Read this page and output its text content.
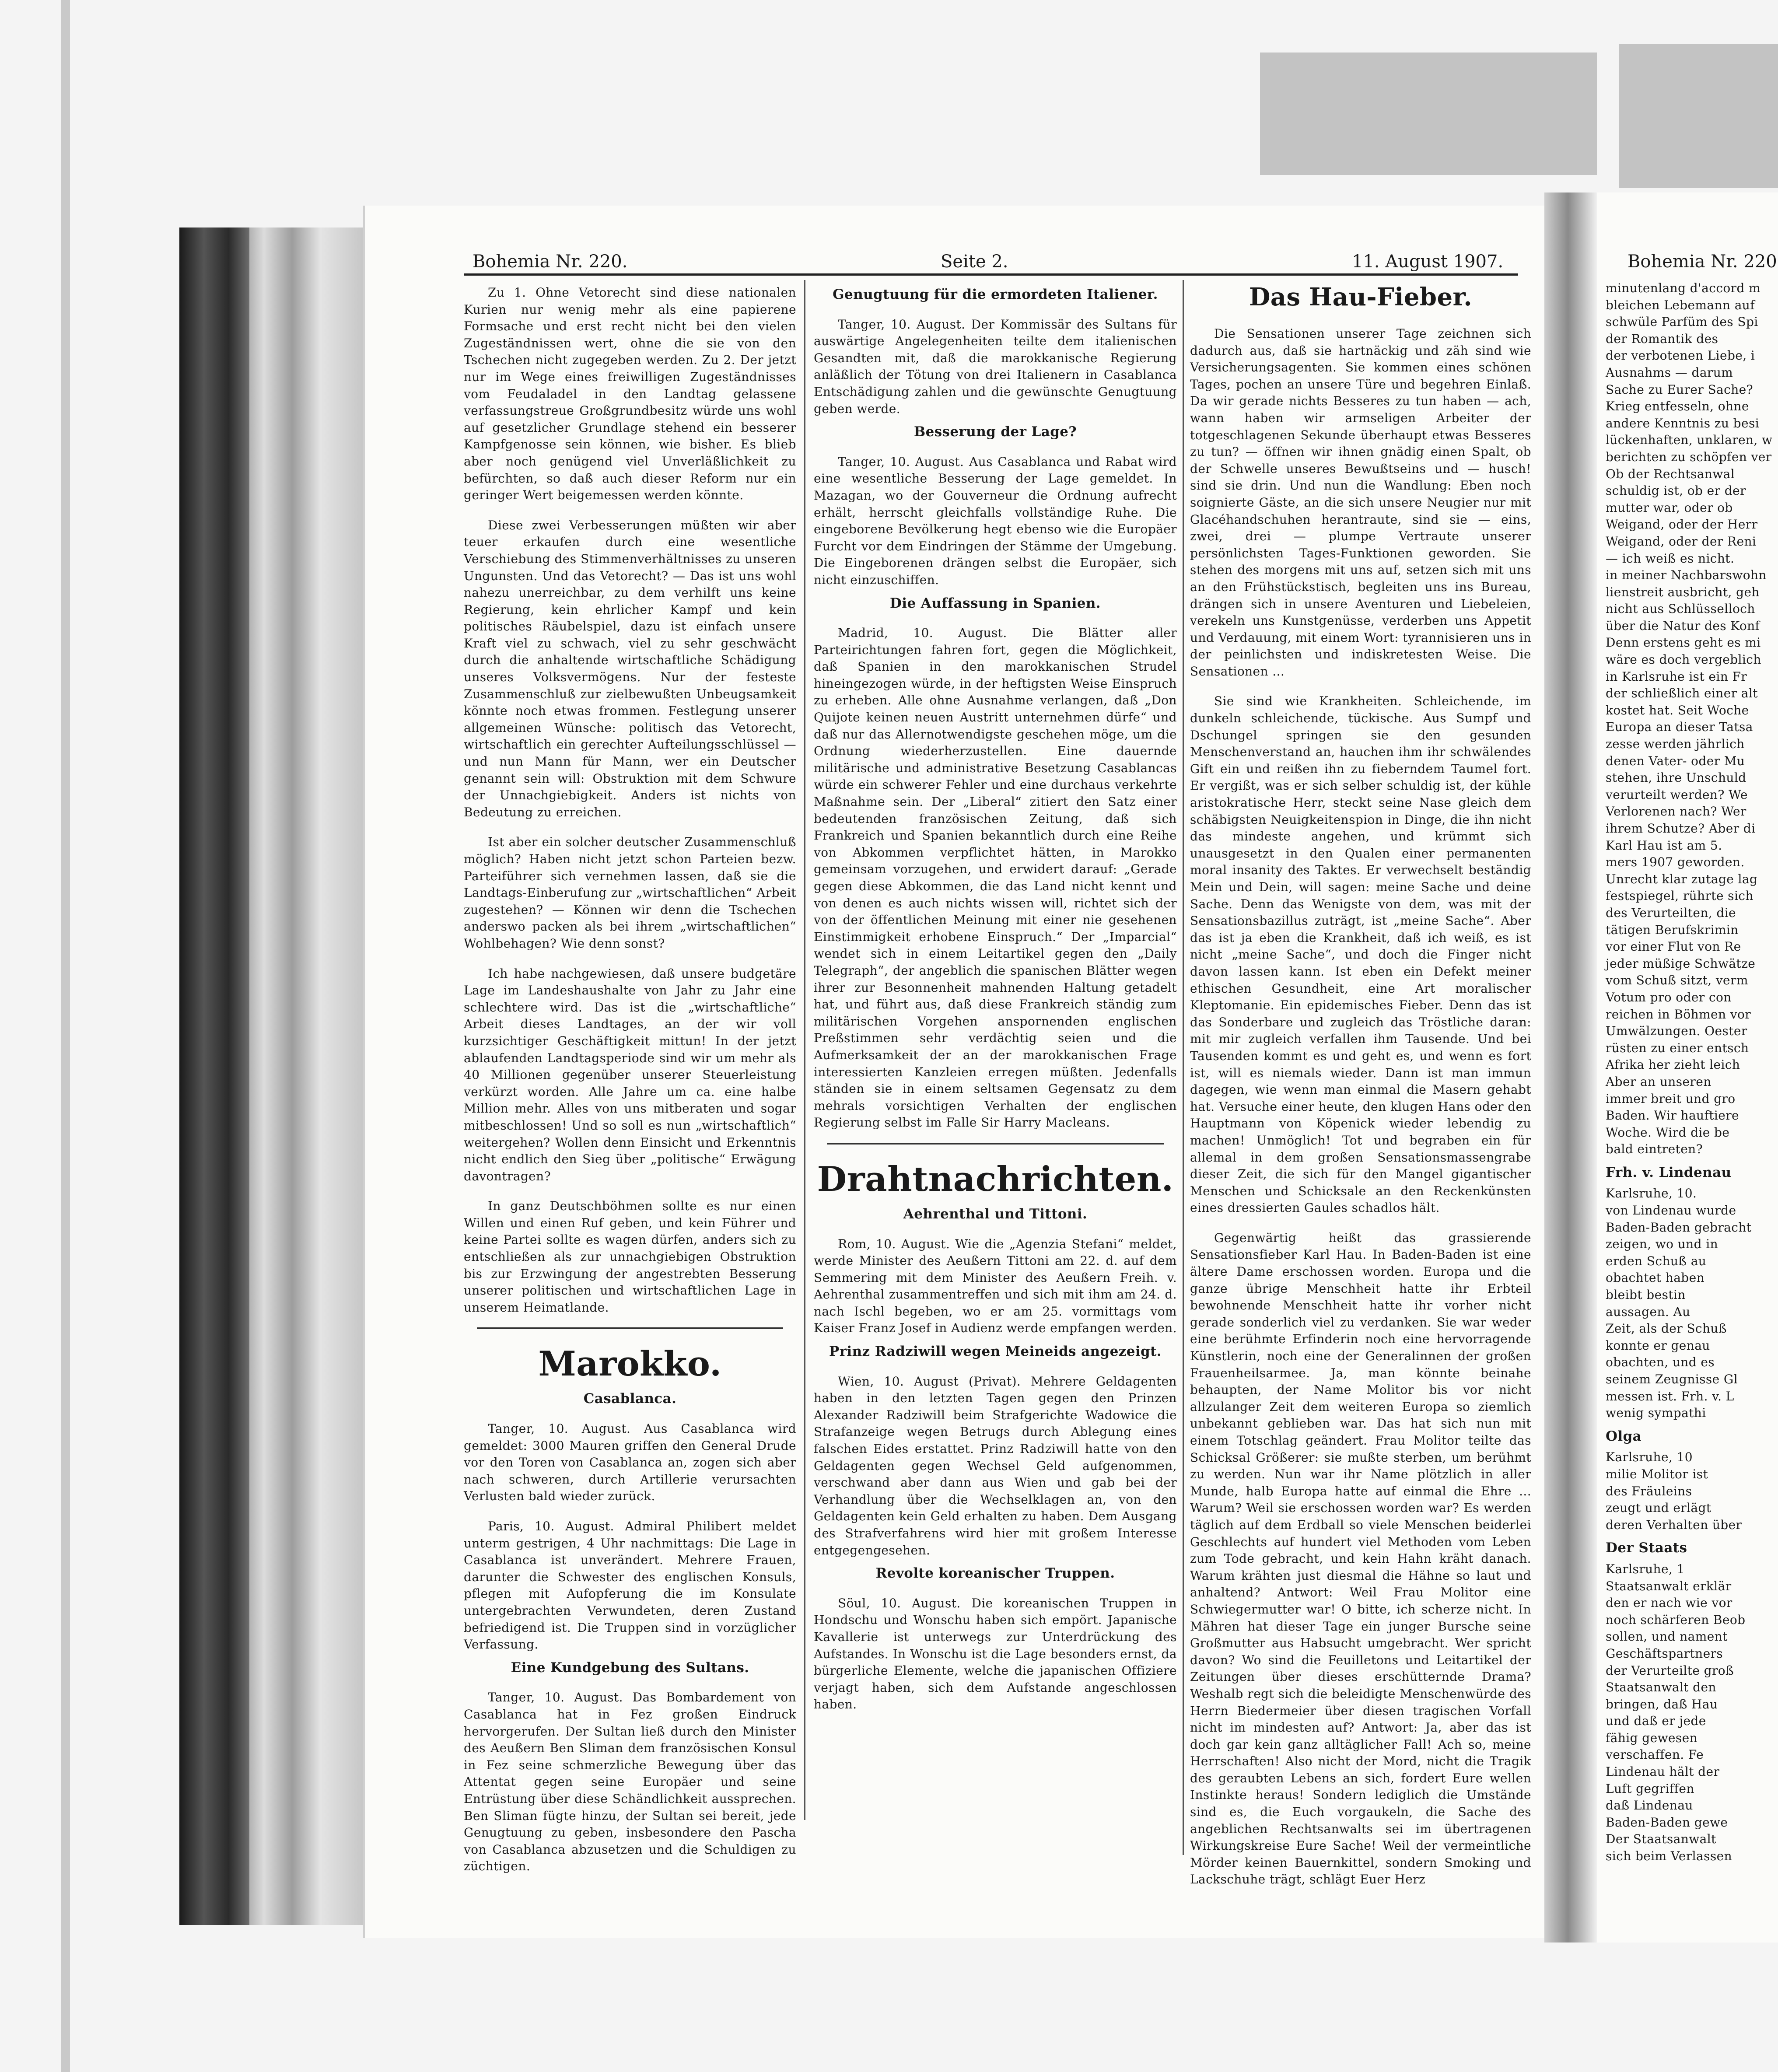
Bohemia Nr. 220.	Seite 2.	11. August 1907.	Bohemia Nr. 220

Zu 1. Ohne Vetorecht sind diese nationalen Kurien nur wenig mehr als eine papierene Formsache und erst recht nicht bei den vielen Zugeständnissen wert, ohne die sie von den Tschechen nicht zugegeben werden. Zu 2. Der jetzt nur im Wege eines freiwilligen Zugeständnisses vom Feudaladel in den Landtag gelassene verfassungstreue Großgrundbesitz würde uns wohl auf gesetzlicher Grundlage stehend ein besserer Kampfgenosse sein können, wie bisher. Es blieb aber noch genügend viel Unverläßlichkeit zu befürchten, so daß auch dieser Reform nur ein geringer Wert beigemessen werden könnte.

Diese zwei Verbesserungen müßten wir aber teuer erkaufen durch eine wesentliche Verschiebung des Stimmenverhältnisses zu unseren Ungunsten. Und das Vetorecht? — Das ist uns wohl nahezu unerreichbar, zu dem verhilft uns keine Regierung, kein ehrlicher Kampf und kein politisches Räubelspiel, dazu ist einfach unsere Kraft viel zu schwach, viel zu sehr geschwächt durch die anhaltende wirtschaftliche Schädigung unseres Volksvermögens. Nur der festeste Zusammenschluß zur zielbewußten Unbeugsamkeit könnte noch etwas frommen. Festlegung unserer allgemeinen Wünsche: politisch das Vetorecht, wirtschaftlich ein gerechter Aufteilungsschlüssel — und nun Mann für Mann, wer ein Deutscher genannt sein will: Obstruktion mit dem Schwure der Unnachgiebigkeit. Anders ist nichts von Bedeutung zu erreichen.

Ist aber ein solcher deutscher Zusammenschluß möglich? Haben nicht jetzt schon Parteien bezw. Parteiführer sich vernehmen lassen, daß sie die Landtags-Einberufung zur „wirtschaftlichen“ Arbeit zugestehen? — Können wir denn die Tschechen anderswo packen als bei ihrem „wirtschaftlichen“ Wohlbehagen? Wie denn sonst?

Ich habe nachgewiesen, daß unsere budgetäre Lage im Landeshaushalte von Jahr zu Jahr eine schlechtere wird. Das ist die „wirtschaftliche“ Arbeit dieses Landtages, an der wir voll kurzsichtiger Geschäftigkeit mittun! In der jetzt ablaufenden Landtagsperiode sind wir um mehr als 40 Millionen gegenüber unserer Steuerleistung verkürzt worden. Alle Jahre um ca. eine halbe Million mehr. Alles von uns mitberaten und sogar mitbeschlossen! Und so soll es nun „wirtschaftlich“ weitergehen? Wollen denn Einsicht und Erkenntnis nicht endlich den Sieg über „politische“ Erwägung davontragen?

In ganz Deutschböhmen sollte es nur einen Willen und einen Ruf geben, und kein Führer und keine Partei sollte es wagen dürfen, anders sich zu entschließen als zur unnachgiebigen Obstruktion bis zur Erzwingung der angestrebten Besserung unserer politischen und wirtschaftlichen Lage in unserem Heimatlande.

Marokko.

Casablanca.

Tanger, 10. August. Aus Casablanca wird gemeldet: 3000 Mauren griffen den General Drude vor den Toren von Casablanca an, zogen sich aber nach schweren, durch Artillerie verursachten Verlusten bald wieder zurück.

Paris, 10. August. Admiral Philibert meldet unterm gestrigen, 4 Uhr nachmittags: Die Lage in Casablanca ist unverändert. Mehrere Frauen, darunter die Schwester des englischen Konsuls, pflegen mit Aufopferung die im Konsulate untergebrachten Verwundeten, deren Zustand befriedigend ist. Die Truppen sind in vorzüglicher Verfassung.

Eine Kundgebung des Sultans.

Tanger, 10. August. Das Bombardement von Casablanca hat in Fez großen Eindruck hervorgerufen. Der Sultan ließ durch den Minister des Aeußern Ben Sliman dem französischen Konsul in Fez seine schmerzliche Bewegung über das Attentat gegen seine Europäer und seine Entrüstung über diese Schändlichkeit aussprechen. Ben Sliman fügte hinzu, der Sultan sei bereit, jede Genugtuung zu geben, insbesondere den Pascha von Casablanca abzusetzen und die Schuldigen zu züchtigen.

Genugtuung für die ermordeten Italiener.

Tanger, 10. August. Der Kommissär des Sultans für auswärtige Angelegenheiten teilte dem italienischen Gesandten mit, daß die marokkanische Regierung anläßlich der Tötung von drei Italienern in Casablanca Entschädigung zahlen und die gewünschte Genugtuung geben werde.

Besserung der Lage?

Tanger, 10. August. Aus Casablanca und Rabat wird eine wesentliche Besserung der Lage gemeldet. In Mazagan, wo der Gouverneur die Ordnung aufrecht erhält, herrscht gleichfalls vollständige Ruhe. Die eingeborene Bevölkerung hegt ebenso wie die Europäer Furcht vor dem Eindringen der Stämme der Umgebung. Die Eingeborenen drängen selbst die Europäer, sich nicht einzuschiffen.

Die Auffassung in Spanien.

Madrid, 10. August. Die Blätter aller Parteirichtungen fahren fort, gegen die Möglichkeit, daß Spanien in den marokkanischen Strudel hineingezogen würde, in der heftigsten Weise Einspruch zu erheben. Alle ohne Ausnahme verlangen, daß „Don Quijote keinen neuen Austritt unternehmen dürfe“ und daß nur das Allernotwendigste geschehen möge, um die Ordnung wiederherzustellen. Eine dauernde militärische und administrative Besetzung Casablancas würde ein schwerer Fehler und eine durchaus verkehrte Maßnahme sein. Der „Liberal“ zitiert den Satz einer bedeutenden französischen Zeitung, daß sich Frankreich und Spanien bekanntlich durch eine Reihe von Abkommen verpflichtet hätten, in Marokko gemeinsam vorzugehen, und erwidert darauf: „Gerade gegen diese Abkommen, die das Land nicht kennt und von denen es auch nichts wissen will, richtet sich der von der öffentlichen Meinung mit einer nie gesehenen Einstimmigkeit erhobene Einspruch.“ Der „Imparcial“ wendet sich in einem Leitartikel gegen den „Daily Telegraph“, der angeblich die spanischen Blätter wegen ihrer zur Besonnenheit mahnenden Haltung getadelt hat, und führt aus, daß diese Frankreich ständig zum militärischen Vorgehen anspornenden englischen Preßstimmen sehr verdächtig seien und die Aufmerksamkeit der an der marokkanischen Frage interessierten Kanzleien erregen müßten. Jedenfalls ständen sie in einem seltsamen Gegensatz zu dem mehrals vorsichtigen Verhalten der englischen Regierung selbst im Falle Sir Harry Macleans.

Drahtnachrichten.

Aehrenthal und Tittoni.

Rom, 10. August. Wie die „Agenzia Stefani“ meldet, werde Minister des Aeußern Tittoni am 22. d. auf dem Semmering mit dem Minister des Aeußern Freih. v. Aehrenthal zusammentreffen und sich mit ihm am 24. d. nach Ischl begeben, wo er am 25. vormittags vom Kaiser Franz Josef in Audienz werde empfangen werden.

Prinz Radziwill wegen Meineids angezeigt.

Wien, 10. August (Privat). Mehrere Geldagenten haben in den letzten Tagen gegen den Prinzen Alexander Radziwill beim Strafgerichte Wadowice die Strafanzeige wegen Betrugs durch Ablegung eines falschen Eides erstattet. Prinz Radziwill hatte von den Geldagenten gegen Wechsel Geld aufgenommen, verschwand aber dann aus Wien und gab bei der Verhandlung über die Wechselklagen an, von den Geldagenten kein Geld erhalten zu haben. Dem Ausgang des Strafverfahrens wird hier mit großem Interesse entgegengesehen.

Revolte koreanischer Truppen.

Söul, 10. August. Die koreanischen Truppen in Hondschu und Wonschu haben sich empört. Japanische Kavallerie ist unterwegs zur Unterdrückung des Aufstandes. In Wonschu ist die Lage besonders ernst, da bürgerliche Elemente, welche die japanischen Offiziere verjagt haben, sich dem Aufstande angeschlossen haben.

Das Hau-Fieber.

Die Sensationen unserer Tage zeichnen sich dadurch aus, daß sie hartnäckig und zäh sind wie Versicherungsagenten. Sie kommen eines schönen Tages, pochen an unsere Türe und begehren Einlaß. Da wir gerade nichts Besseres zu tun haben — ach, wann haben wir armseligen Arbeiter der totgeschlagenen Sekunde überhaupt etwas Besseres zu tun? — öffnen wir ihnen gnädig einen Spalt, ob der Schwelle unseres Bewußtseins und — husch! sind sie drin. Und nun die Wandlung: Eben noch soignierte Gäste, an die sich unsere Neugier nur mit Glacéhandschuhen herantraute, sind sie — eins, zwei, drei — plumpe Vertraute unserer persönlichsten Tages-Funktionen geworden. Sie stehen des morgens mit uns auf, setzen sich mit uns an den Frühstückstisch, begleiten uns ins Bureau, drängen sich in unsere Aventuren und Liebeleien, verekeln uns Kunstgenüsse, verderben uns Appetit und Verdauung, mit einem Wort: tyrannisieren uns in der peinlichsten und indiskretesten Weise. Die Sensationen ...

Sie sind wie Krankheiten. Schleichende, im dunkeln schleichende, tückische. Aus Sumpf und Dschungel springen sie den gesunden Menschenverstand an, hauchen ihm ihr schwälendes Gift ein und reißen ihn zu fieberndem Taumel fort. Er vergißt, was er sich selber schuldig ist, der kühle aristokratische Herr, steckt seine Nase gleich dem schäbigsten Neuigkeitenspion in Dinge, die ihn nicht das mindeste angehen, und krümmt sich unausgesetzt in den Qualen einer permanenten moral insanity des Taktes. Er verwechselt beständig Mein und Dein, will sagen: meine Sache und deine Sache. Denn das Wenigste von dem, was mit der Sensationsbazillus zuträgt, ist „meine Sache“. Aber das ist ja eben die Krankheit, daß ich weiß, es ist nicht „meine Sache“, und doch die Finger nicht davon lassen kann. Ist eben ein Defekt meiner ethischen Gesundheit, eine Art moralischer Kleptomanie. Ein epidemisches Fieber. Denn das ist das Sonderbare und zugleich das Tröstliche daran: mit mir zugleich verfallen ihm Tausende. Und bei Tausenden kommt es und geht es, und wenn es fort ist, will es niemals wieder. Dann ist man immun dagegen, wie wenn man einmal die Masern gehabt hat. Versuche einer heute, den klugen Hans oder den Hauptmann von Köpenick wieder lebendig zu machen! Unmöglich! Tot und begraben ein für allemal in dem großen Sensationsmassengrabe dieser Zeit, die sich für den Mangel gigantischer Menschen und Schicksale an den Reckenkünsten eines dressierten Gaules schadlos hält.

Gegenwärtig heißt das grassierende Sensationsfieber Karl Hau. In Baden-Baden ist eine ältere Dame erschossen worden. Europa und die ganze übrige Menschheit hatte ihr Erbteil bewohnende Menschheit hatte ihr vorher nicht gerade sonderlich viel zu verdanken. Sie war weder eine berühmte Erfinderin noch eine hervorragende Künstlerin, noch eine der Generalinnen der großen Frauenheilsarmee. Ja, man könnte beinahe behaupten, der Name Molitor bis vor nicht allzulanger Zeit dem weiteren Europa so ziemlich unbekannt geblieben war. Das hat sich nun mit einem Totschlag geändert. Frau Molitor teilte das Schicksal Größerer: sie mußte sterben, um berühmt zu werden. Nun war ihr Name plötzlich in aller Munde, halb Europa hatte auf einmal die Ehre ... Warum? Weil sie erschossen worden war? Es werden täglich auf dem Erdball so viele Menschen beiderlei Geschlechts auf hundert viel Methoden vom Leben zum Tode gebracht, und kein Hahn kräht danach. Warum krähten just diesmal die Hähne so laut und anhaltend? Antwort: Weil Frau Molitor eine Schwiegermutter war! O bitte, ich scherze nicht. In Mähren hat dieser Tage ein junger Bursche seine Großmutter aus Habsucht umgebracht. Wer spricht davon? Wo sind die Feuilletons und Leitartikel der Zeitungen über dieses erschütternde Drama? Weshalb regt sich die beleidigte Menschenwürde des Herrn Biedermeier über diesen tragischen Vorfall nicht im mindesten auf? Antwort: Ja, aber das ist doch gar kein ganz alltäglicher Fall! Ach so, meine Herrschaften! Also nicht der Mord, nicht die Tragik des geraubten Lebens an sich, fordert Eure wellen Instinkte heraus! Sondern lediglich die Umstände sind es, die Euch vorgaukeln, die Sache des angeblichen Rechtsanwalts sei im übertragenen Wirkungskreise Eure Sache! Weil der vermeintliche Mörder keinen Bauernkittel, sondern Smoking und Lackschuhe trägt, schlägt Euer Herz

minutenlang d'accord m

bleichen Lebemann auf

schwüle Parfüm des Spi

der Romantik des

der verbotenen Liebe, i

Ausnahms — darum

Sache zu Eurer Sache?

Krieg entfesseln, ohne

andere Kenntnis zu besi

lückenhaften, unklaren, w

berichten zu schöpfen ver

Ob der Rechtsanwal

schuldig ist, ob er der

mutter war, oder ob

Weigand, oder der Herr

Weigand, oder der Reni

— ich weiß es nicht.

in meiner Nachbarswohn

lienstreit ausbricht, geh

nicht aus Schlüsselloch

über die Natur des Konf

Denn erstens geht es mi

wäre es doch vergeblich

in Karlsruhe ist ein Fr

der schließlich einer alt

kostet hat. Seit Woche

Europa an dieser Tatsa

zesse werden jährlich

denen Vater- oder Mu

stehen, ihre Unschuld

verurteilt werden? We

Verlorenen nach? Wer

ihrem Schutze? Aber di

Karl Hau ist am 5.

mers 1907 geworden.

Unrecht klar zutage lag

festspiegel, rührte sich

des Verurteilten, die

tätigen Berufskrimin

vor einer Flut von Re

jeder müßige Schwätze

vom Schuß sitzt, verm

Votum pro oder con

reichen in Böhmen vor

Umwälzungen. Oester

rüsten zu einer entsch

Afrika her zieht leich

Aber an unseren

immer breit und gro

Baden. Wir hauftiere

Woche. Wird die be

bald eintreten?

Frh. v. Lindenau

Karlsruhe, 10.

von Lindenau wurde

Baden-Baden gebracht

zeigen, wo und in

erden Schuß au

obachtet haben

bleibt bestin

aussagen. Au

Zeit, als der Schuß

konnte er genau

obachten, und es

seinem Zeugnisse Gl

messen ist. Frh. v. L

wenig sympathi

Olga

Karlsruhe, 10

milie Molitor ist

des Fräuleins

zeugt und erlägt

deren Verhalten über

Der Staats

Karlsruhe, 1

Staatsanwalt erklär

den er nach wie vor

noch schärferen Beob

sollen, und nament

Geschäftspartners

der Verurteilte groß

Staatsanwalt den

bringen, daß Hau

und daß er jede

fähig gewesen

verschaffen. Fe

Lindenau hält der

Luft gegriffen

daß Lindenau

Baden-Baden gewe

Der Staatsanwalt

sich beim Verlassen
